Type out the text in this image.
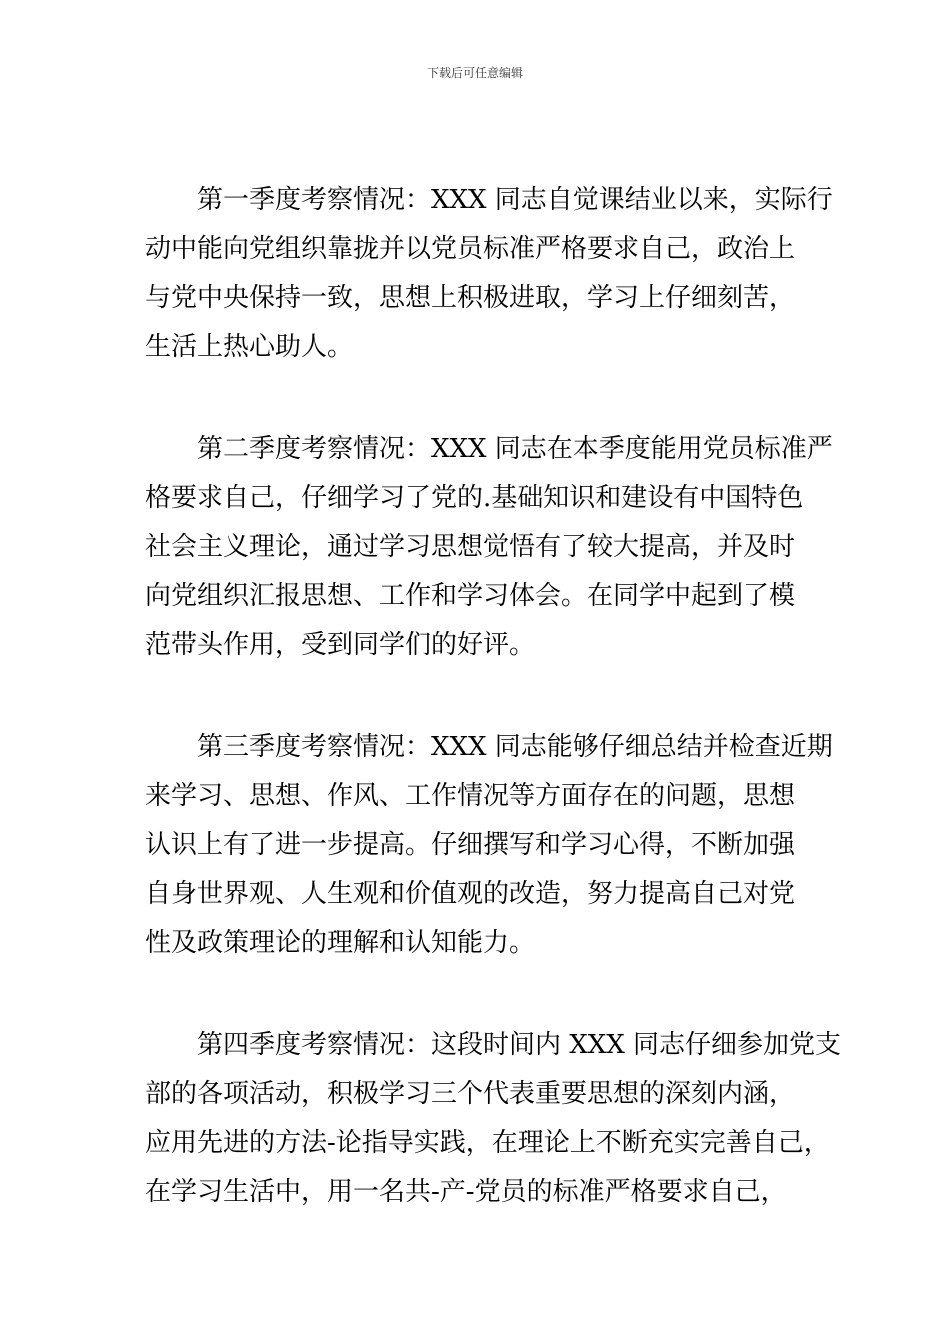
下载后可任意编辑
第一季度考察情况：XXX 同志自觉课结业以来，实际行
动中能向党组织靠拢并以党员标准严格要求自己，政治上
与党中央保持一致，思想上积极进取，学习上仔细刻苦，
生活上热心助人。
第二季度考察情况：XXX 同志在本季度能用党员标准严
格要求自己，仔细学习了党的.基础知识和建设有中国特色
社会主义理论，通过学习思想觉悟有了较大提高，并及时
向党组织汇报思想、工作和学习体会。在同学中起到了模
范带头作用，受到同学们的好评。
第三季度考察情况：XXX 同志能够仔细总结并检查近期
来学习、思想、作风、工作情况等方面存在的问题，思想
认识上有了进一步提高。仔细撰写和学习心得，不断加强
自身世界观、人生观和价值观的改造，努力提高自己对党
性及政策理论的理解和认知能力。
第四季度考察情况：这段时间内 XXX 同志仔细参加党支
部的各项活动，积极学习三个代表重要思想的深刻内涵，
应用先进的方法-论指导实践，在理论上不断充实完善自己，
在学习生活中，用一名共-产-党员的标准严格要求自己，
